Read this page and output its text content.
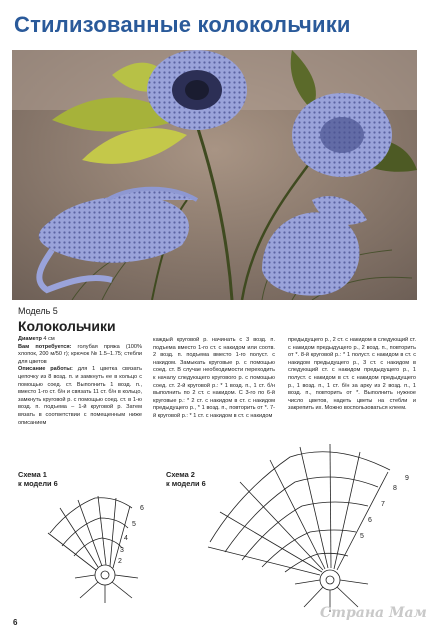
Стилизованные колокольчики
Модель 5
Колокольчики
Диаметр 4 см
Вам потребуется: голубая пряжа (100% хлопок, 200 м/50 г); крючок № 1.5–1.75; стебли для цветов
Описание работы: для 1 цветка связать цепочку из 8 возд. п. и замкнуть ее в кольцо с помощью соед. ст. Выполнить 1 возд. п., вместо 1-го ст. б/н и связать 11 ст. б/н в кольцо, замкнуть круговой р. с помощью соед. ст. в 1-ю возд. п. подъема – 1-й круговой р. Затем вязать в соответствии с помещенным ниже описанием
каждый круговой р. начинать с 3 возд. п. подъема вместо 1-го ст. с накидом или соотв. 2 возд. п. подъема вместо 1-го полуст. с накидом. Замыкать круговые р. с помощью соед. ст. В случае необходимости переходить к началу следующего кругового р. с помощью соед. ст. 2-й круговой р.: * 1 возд. п., 1 ст. б/н выполнить по 2 ст. с накидом. С 3-го по 6-й круговые р.: * 2 ст. с накидом в ст. с накидом предыдущего р., * 1 возд. п., повторить от *. 7-й круговой р.: * 1 ст. с накидом в ст. с накидом
предыдущего р., 2 ст. с накидом в следующий ст. с накидом предыдущего р., 2 возд. п., повторить от *. 8-й круговой р.: * 1 полуст. с накидом в ст. с накидом предыдущего р., 3 ст. с накидом в следующий ст. с накидом предыдущего р., 1 полуст. с накидом в ст. с накидом предыдущего р., 1 возд. п., 1 ст. б/н за арку из 2 возд. п., 1 возд. п., повторить от *. Выполнить нужное число цветов, надеть цветы на стебли и закрепить их. Можно воспользоваться клеем.
Схема 1
к модели 6
Схема 2
к модели 6
6
5
4
3
2
9
8
7
6
5
6
Страна Мам
